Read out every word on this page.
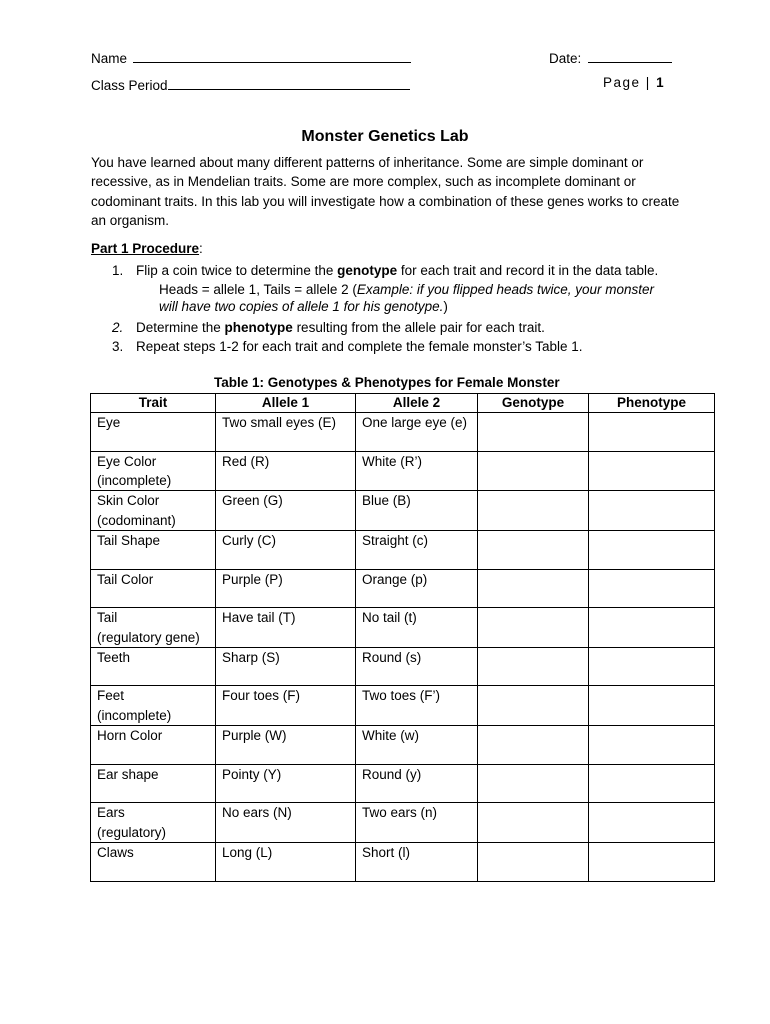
Name	Date:
Class Period	Page | 1
Monster Genetics Lab
You have learned about many different patterns of inheritance. Some are simple dominant or recessive, as in Mendelian traits. Some are more complex, such as incomplete dominant or codominant traits. In this lab you will investigate how a combination of these genes works to create an organism.
Part 1 Procedure:
1. Flip a coin twice to determine the genotype for each trait and record it in the data table.
Heads = allele 1, Tails = allele 2 (Example: if you flipped heads twice, your monster
will have two copies of allele 1 for his genotype.)
2. Determine the phenotype resulting from the allele pair for each trait.
3. Repeat steps 1-2 for each trait and complete the female monster’s Table 1.
Table 1: Genotypes & Phenotypes for Female Monster
Trait	Allele 1	Allele 2	Genotype	Phenotype

Eye	Two small eyes (E)	One large eye (e)		

Eye Color
(incomplete)	Red (R)	White (R’)		

Skin Color
(codominant)	Green (G)	Blue (B)		

Tail Shape	Curly (C)	Straight (c)		

Tail Color	Purple (P)	Orange (p)		

Tail
(regulatory gene)	Have tail (T)	No tail (t)		

Teeth	Sharp (S)	Round (s)		

Feet
(incomplete)	Four toes (F)	Two toes (F’)		

Horn Color	Purple (W)	White (w)		

Ear shape	Pointy (Y)	Round (y)		

Ears
(regulatory)	No ears (N)	Two ears (n)		

Claws	Long (L)	Short (l)		
